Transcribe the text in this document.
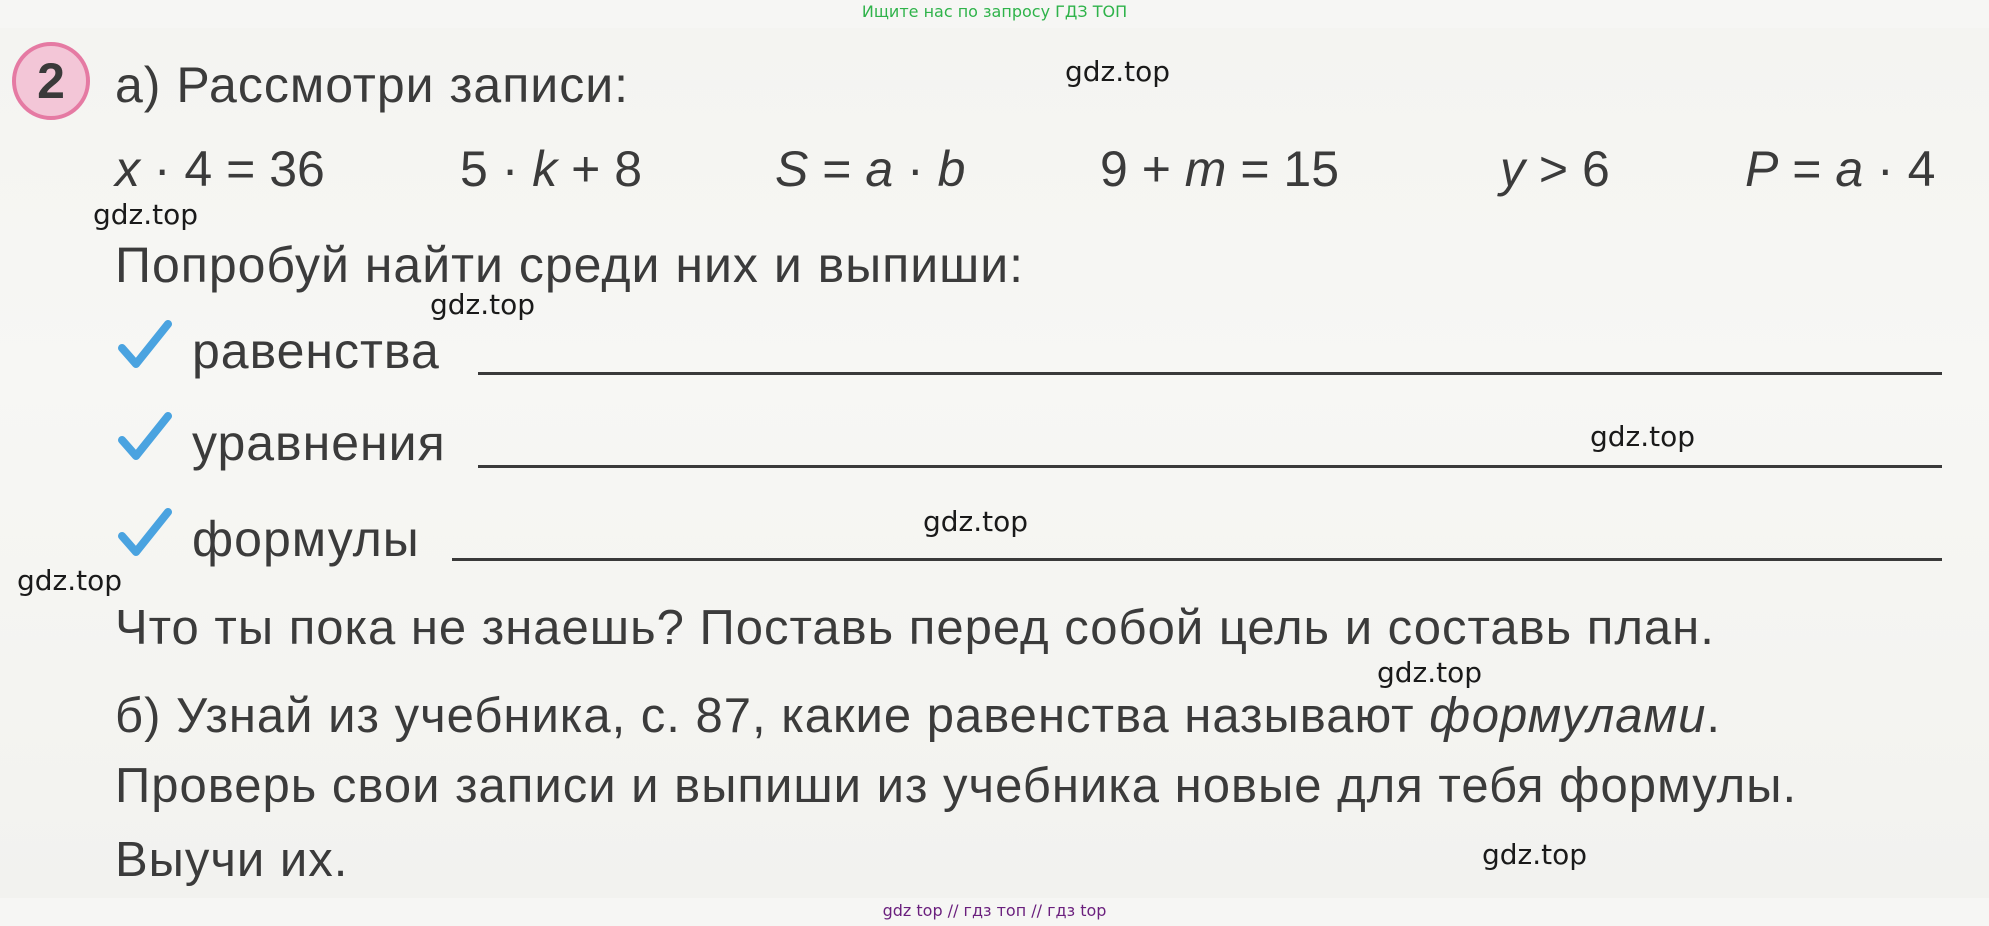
Ищите нас по запросу ГДЗ ТОП
2 а) Рассмотри записи:
x · 4 = 36	5 · k + 8	S = a · b	9 + m = 15	y > 6	P = a · 4
Попробуй найти среди них и выпиши:
равенства
уравнения
формулы
Что ты пока не знаешь? Поставь перед собой цель и составь план.
б) Узнай из учебника, с. 87, какие равенства называют формулами.
Проверь свои записи и выпиши из учебника новые для тебя формулы.
Выучи их.
gdz.top
gdz.top
gdz.top
gdz.top
gdz.top
gdz.top
gdz.top
gdz.top
gdz top // гдз топ // гдз top
